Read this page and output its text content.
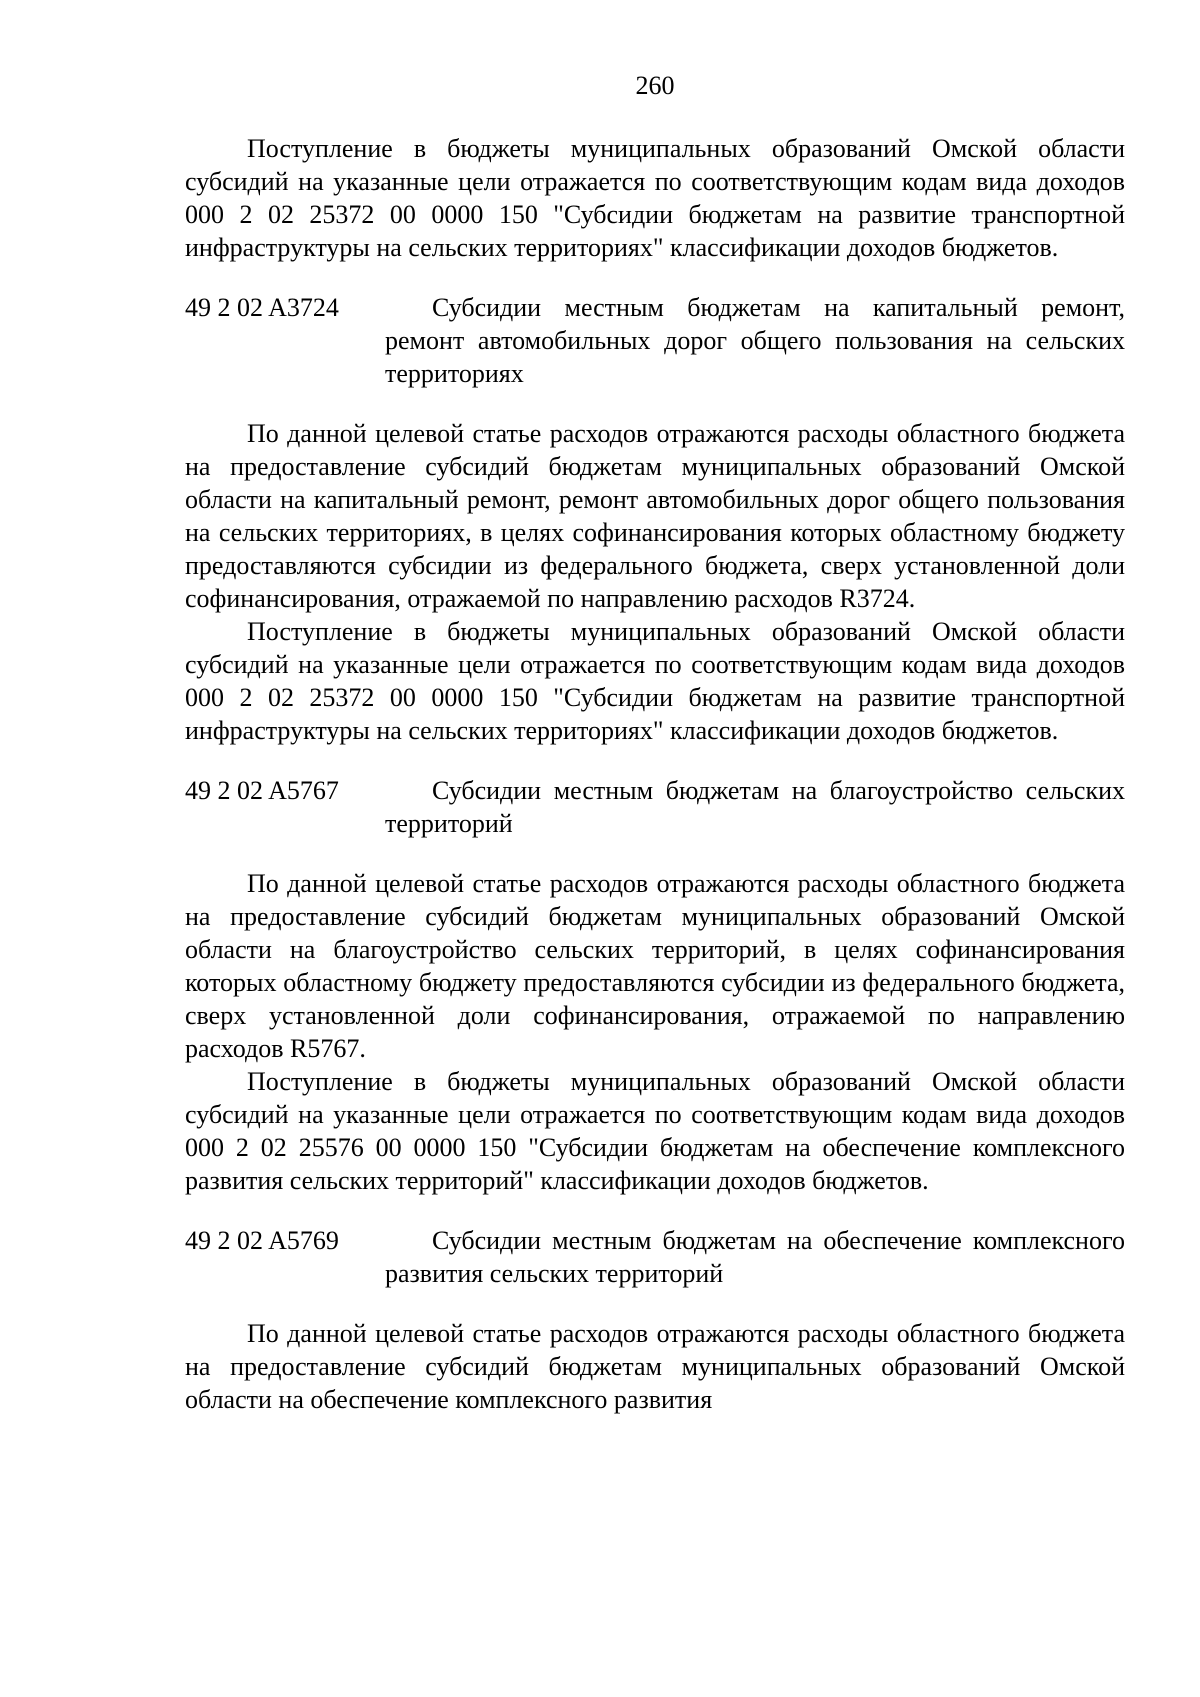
260

Поступление в бюджеты муниципальных образований Омской области субсидий на указанные цели отражается по соответствующим кодам вида доходов 000 2 02 25372 00 0000 150 "Субсидии бюджетам на развитие транспортной инфраструктуры на сельских территориях" классификации доходов бюджетов.

49 2 02 A3724	Субсидии местным бюджетам на капитальный ремонт, ремонт автомобильных дорог общего пользования на сельских территориях

По данной целевой статье расходов отражаются расходы областного бюджета на предоставление субсидий бюджетам муниципальных образований Омской области на капитальный ремонт, ремонт автомобильных дорог общего пользования на сельских территориях, в целях софинансирования которых областному бюджету предоставляются субсидии из федерального бюджета, сверх установленной доли софинансирования, отражаемой по направлению расходов R3724.

Поступление в бюджеты муниципальных образований Омской области субсидий на указанные цели отражается по соответствующим кодам вида доходов 000 2 02 25372 00 0000 150 "Субсидии бюджетам на развитие транспортной инфраструктуры на сельских территориях" классификации доходов бюджетов.

49 2 02 A5767	Субсидии местным бюджетам на благоустройство сельских территорий

По данной целевой статье расходов отражаются расходы областного бюджета на предоставление субсидий бюджетам муниципальных образований Омской области на благоустройство сельских территорий, в целях софинансирования которых областному бюджету предоставляются субсидии из федерального бюджета, сверх установленной доли софинансирования, отражаемой по направлению расходов R5767.

Поступление в бюджеты муниципальных образований Омской области субсидий на указанные цели отражается по соответствующим кодам вида доходов 000 2 02 25576 00 0000 150 "Субсидии бюджетам на обеспечение комплексного развития сельских территорий" классификации доходов бюджетов.

49 2 02 A5769	Субсидии местным бюджетам на обеспечение комплексного развития сельских территорий

По данной целевой статье расходов отражаются расходы областного бюджета на предоставление субсидий бюджетам муниципальных образований Омской области на обеспечение комплексного развития
